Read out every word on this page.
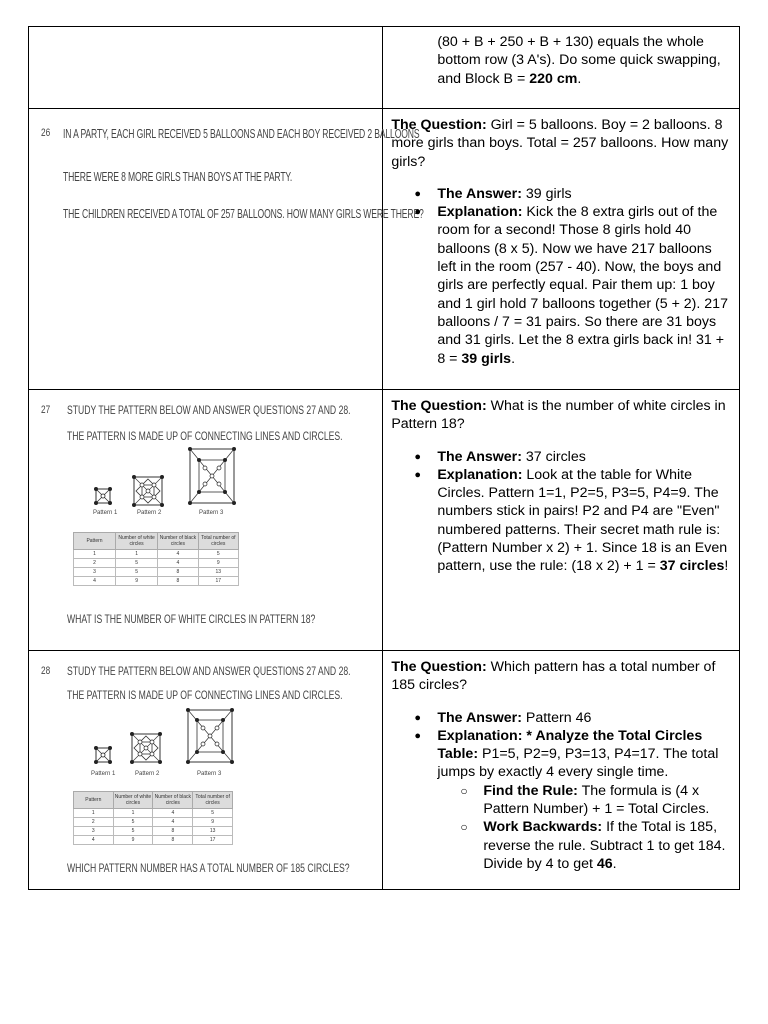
(80 + B + 250 + B + 130) equals the whole bottom row (3 A's). Do some quick swapping, and Block B = 220 cm.

26 IN A PARTY, EACH GIRL RECEIVED 5 BALLOONS AND EACH BOY RECEIVED 2 BALLOONS
THERE WERE 8 MORE GIRLS THAN BOYS AT THE PARTY.
THE CHILDREN RECEIVED A TOTAL OF 257 BALLOONS. HOW MANY GIRLS WERE THERE?

The Question: Girl = 5 balloons. Boy = 2 balloons. 8 more girls than boys. Total = 257 balloons. How many girls?

● The Answer: 39 girls
● Explanation: Kick the 8 extra girls out of the room for a second! Those 8 girls hold 40 balloons (8 x 5). Now we have 217 balloons left in the room (257 - 40). Now, the boys and girls are perfectly equal. Pair them up: 1 boy and 1 girl hold 7 balloons together (5 + 2). 217 balloons / 7 = 31 pairs. So there are 31 boys and 31 girls. Let the 8 extra girls back in! 31 + 8 = 39 girls.

27 STUDY THE PATTERN BELOW AND ANSWER QUESTIONS 27 AND 28.
THE PATTERN IS MADE UP OF CONNECTING LINES AND CIRCLES.
Pattern 1	Pattern 2	Pattern 3
Pattern	Number of white circles	Number of black circles	Total number of circles
1	1	4	5
2	5	4	9
3	5	8	13
4	9	8	17
WHAT IS THE NUMBER OF WHITE CIRCLES IN PATTERN 18?

The Question: What is the number of white circles in Pattern 18?

● The Answer: 37 circles
● Explanation: Look at the table for White Circles. Pattern 1=1, P2=5, P3=5, P4=9. The numbers stick in pairs! P2 and P4 are "Even" numbered patterns. Their secret math rule is: (Pattern Number x 2) + 1. Since 18 is an Even pattern, use the rule: (18 x 2) + 1 = 37 circles!

28 STUDY THE PATTERN BELOW AND ANSWER QUESTIONS 27 AND 28.
THE PATTERN IS MADE UP OF CONNECTING LINES AND CIRCLES.
Pattern 1	Pattern 2	Pattern 3
Pattern	Number of white circles	Number of black circles	Total number of circles
1	1	4	5
2	5	4	9
3	5	8	13
4	9	8	17
WHICH PATTERN NUMBER HAS A TOTAL NUMBER OF 185 CIRCLES?

The Question: Which pattern has a total number of 185 circles?

● The Answer: Pattern 46
● Explanation: * Analyze the Total Circles Table: P1=5, P2=9, P3=13, P4=17. The total jumps by exactly 4 every single time.
○ Find the Rule: The formula is (4 x Pattern Number) + 1 = Total Circles.
○ Work Backwards: If the Total is 185, reverse the rule. Subtract 1 to get 184. Divide by 4 to get 46.
